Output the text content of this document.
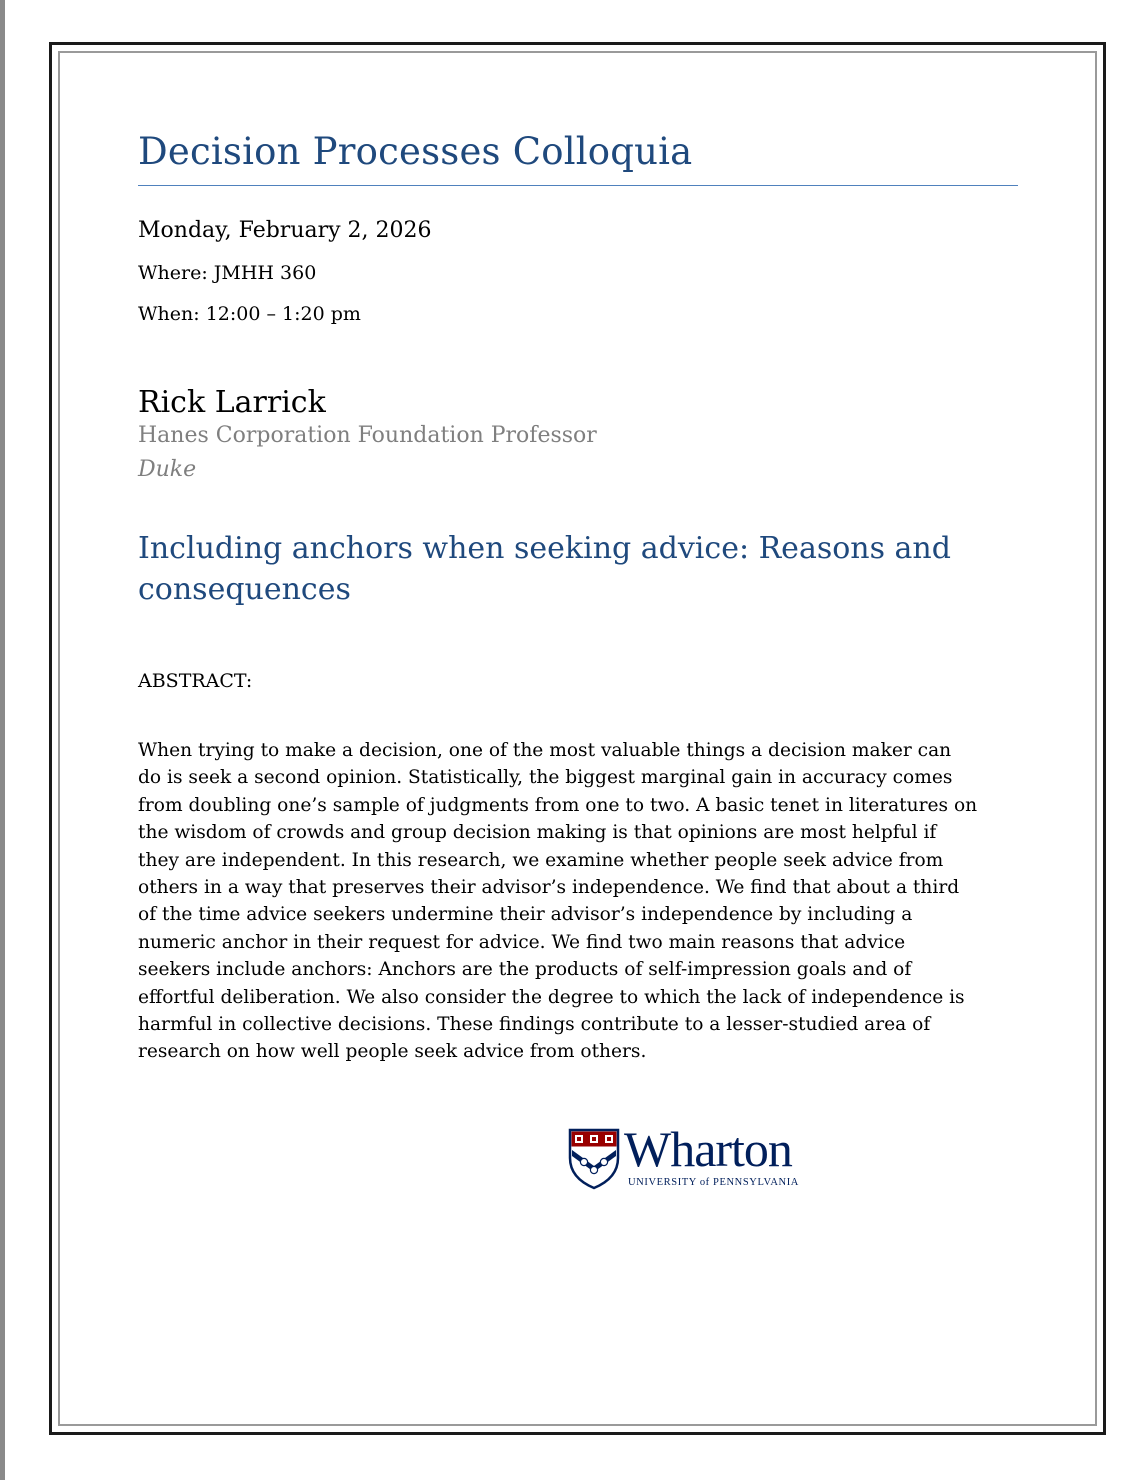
Decision Processes Colloquia
Monday, February 2, 2026
Where: JMHH 360
When: 12:00 – 1:20 pm
Rick Larrick
Hanes Corporation Foundation Professor
Duke
Including anchors when seeking advice: Reasons and consequences
ABSTRACT:

When trying to make a decision, one of the most valuable things a decision maker can
do is seek a second opinion. Statistically, the biggest marginal gain in accuracy comes
from doubling one’s sample of judgments from one to two. A basic tenet in literatures on
the wisdom of crowds and group decision making is that opinions are most helpful if
they are independent. In this research, we examine whether people seek advice from
others in a way that preserves their advisor’s independence. We find that about a third
of the time advice seekers undermine their advisor’s independence by including a
numeric anchor in their request for advice. We find two main reasons that advice
seekers include anchors: Anchors are the products of self-impression goals and of
effortful deliberation. We also consider the degree to which the lack of independence is
harmful in collective decisions. These findings contribute to a lesser-studied area of
research on how well people seek advice from others.

Wharton
UNIVERSITY of PENNSYLVANIA
